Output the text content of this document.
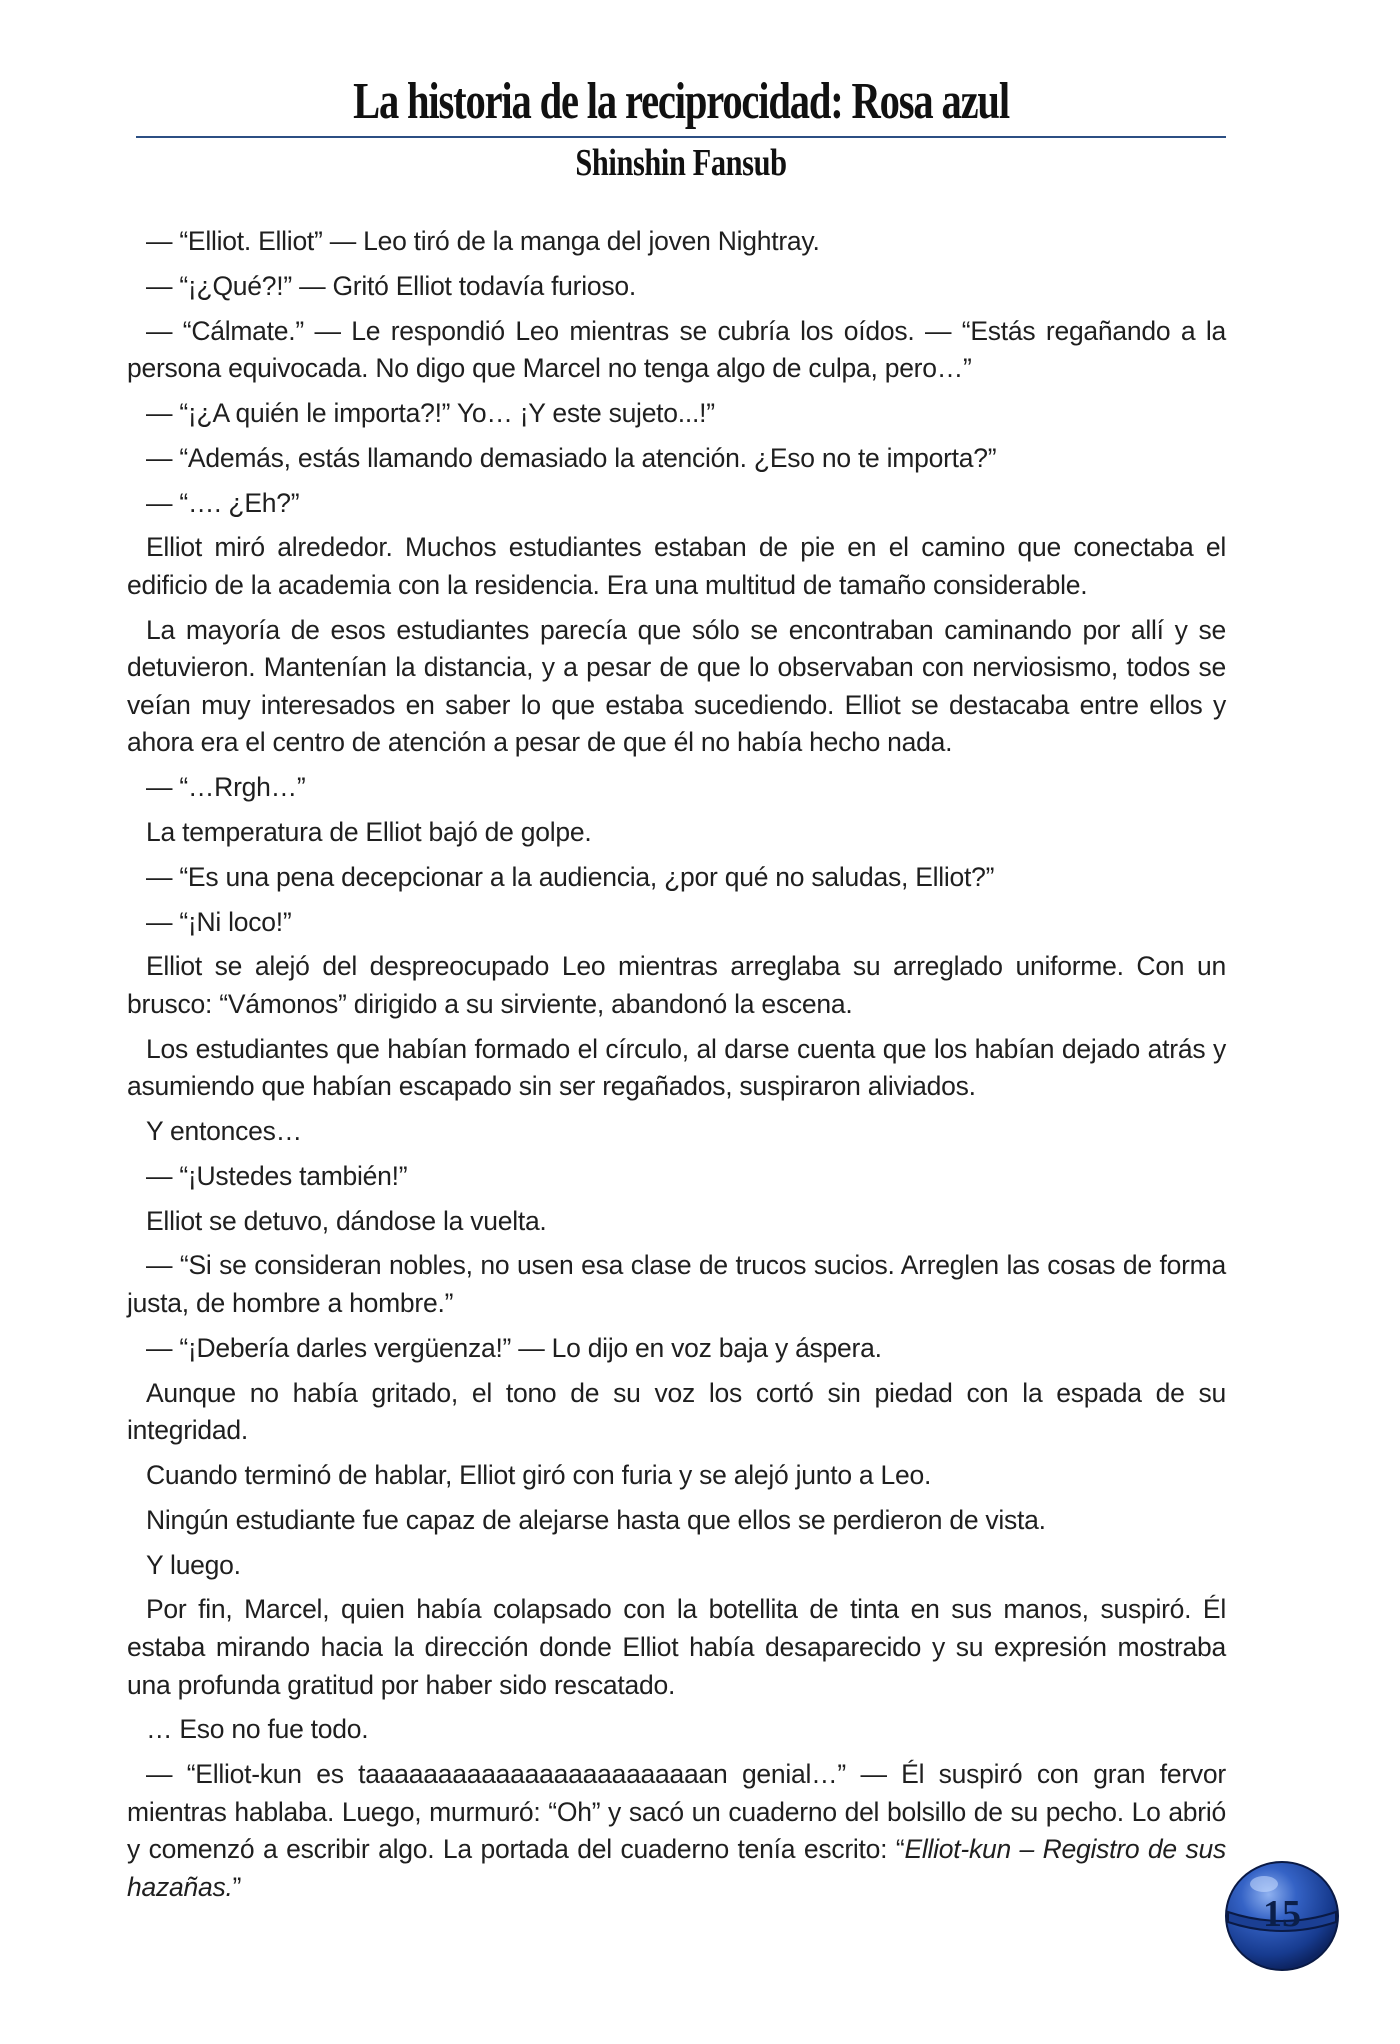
La historia de la reciprocidad: Rosa azul
Shinshin Fansub

— “Elliot. Elliot” — Leo tiró de la manga del joven Nightray.

— “¡¿Qué?!” — Gritó Elliot todavía furioso.

— “Cálmate.” — Le respondió Leo mientras se cubría los oídos. — “Estás regañando a la persona equivocada. No digo que Marcel no tenga algo de culpa, pero…”

— “¡¿A quién le importa?!” Yo… ¡Y este sujeto...!”

— “Además, estás llamando demasiado la atención. ¿Eso no te importa?”

— “…. ¿Eh?”

Elliot miró alrededor. Muchos estudiantes estaban de pie en el camino que conectaba el edificio de la academia con la residencia. Era una multitud de tamaño considerable.

La mayoría de esos estudiantes parecía que sólo se encontraban caminando por allí y se detuvieron. Mantenían la distancia, y a pesar de que lo observaban con nerviosismo, todos se veían muy interesados en saber lo que estaba sucediendo. Elliot se destacaba entre ellos y ahora era el centro de atención a pesar de que él no había hecho nada.

— “…Rrgh…”

La temperatura de Elliot bajó de golpe.

— “Es una pena decepcionar a la audiencia, ¿por qué no saludas, Elliot?”

— “¡Ni loco!”

Elliot se alejó del despreocupado Leo mientras arreglaba su arreglado uniforme. Con un brusco: “Vámonos” dirigido a su sirviente, abandonó la escena.

Los estudiantes que habían formado el círculo, al darse cuenta que los habían dejado atrás y asumiendo que habían escapado sin ser regañados, suspiraron aliviados.

Y entonces…

— “¡Ustedes también!”

Elliot se detuvo, dándose la vuelta.

— “Si se consideran nobles, no usen esa clase de trucos sucios. Arreglen las cosas de forma justa, de hombre a hombre.”

— “¡Debería darles vergüenza!” — Lo dijo en voz baja y áspera.

Aunque no había gritado, el tono de su voz los cortó sin piedad con la espada de su integridad.

Cuando terminó de hablar, Elliot giró con furia y se alejó junto a Leo.

Ningún estudiante fue capaz de alejarse hasta que ellos se perdieron de vista.

Y luego.

Por fin, Marcel, quien había colapsado con la botellita de tinta en sus manos, suspiró. Él estaba mirando hacia la dirección donde Elliot había desaparecido y su expresión mostraba una profunda gratitud por haber sido rescatado.

… Eso no fue todo.

— “Elliot-kun es taaaaaaaaaaaaaaaaaaaaaaaan genial…” — Él suspiró con gran fervor mientras hablaba. Luego, murmuró: “Oh” y sacó un cuaderno del bolsillo de su pecho. Lo abrió y comenzó a escribir algo. La portada del cuaderno tenía escrito: “Elliot-kun – Registro de sus hazañas.”

15
